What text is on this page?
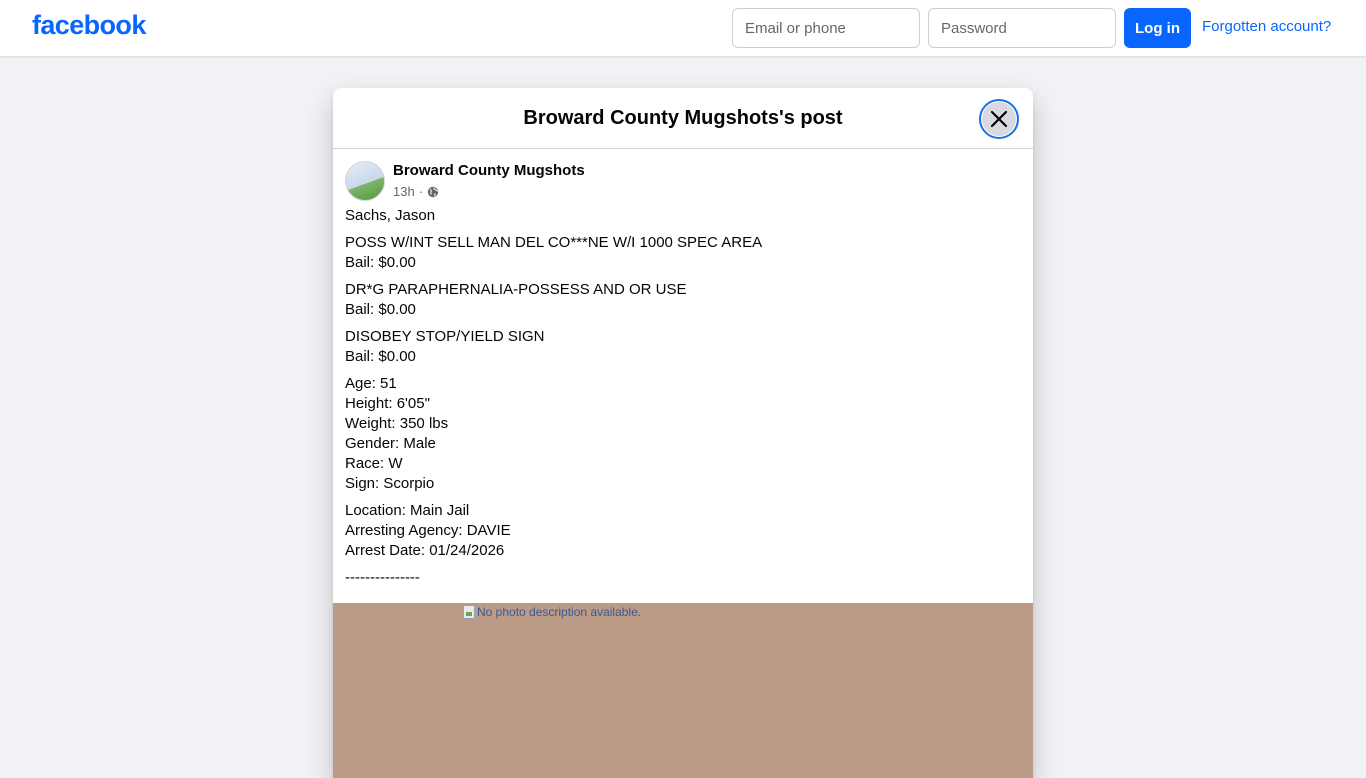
facebook
Email or phone	Log in	Forgotten account?
Broward County Mugshots's post
Broward County Mugshots
13h ·

Sachs, Jason

POSS W/INT SELL MAN DEL CO***NE W/I 1000 SPEC AREA
Bail: $0.00

DR*G PARAPHERNALIA-POSSESS AND OR USE
Bail: $0.00

DISOBEY STOP/YIELD SIGN
Bail: $0.00

Age: 51
Height: 6'05"
Weight: 350 lbs
Gender: Male
Race: W
Sign: Scorpio

Location: Main Jail
Arresting Agency: DAVIE
Arrest Date: 01/24/2026

---------------

No photo description available.
